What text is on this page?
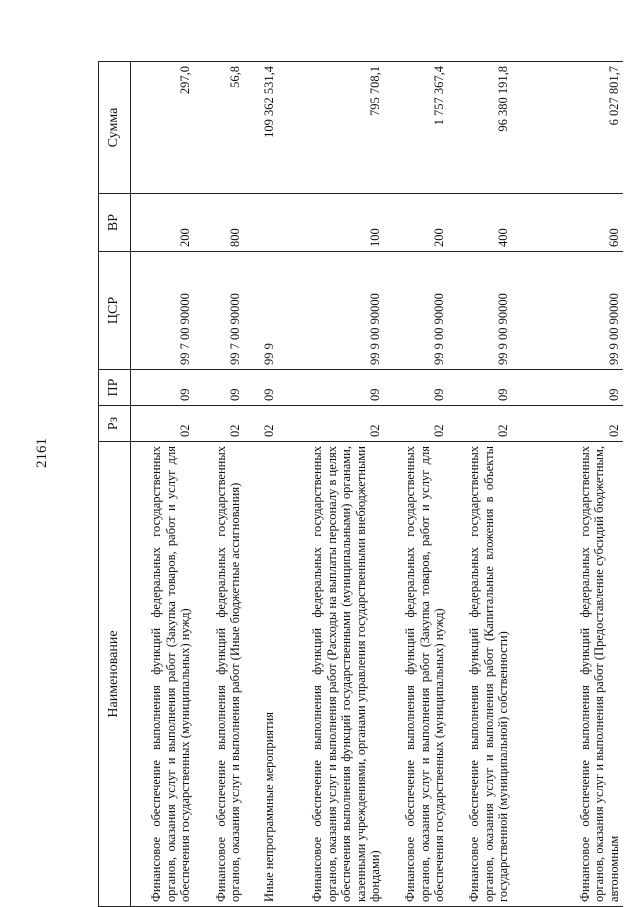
2161
Наименование	Рз	ПР	ЦСР	ВР	Сумма
Финансовое обеспечение выполнения функций федеральных государственных органов, оказания услуг и выполнения работ (Закупка товаров, работ и услуг для обеспечения государственных (муниципальных) нужд)	02	09	99 7 00 90000	200	297,0
Финансовое обеспечение выполнения функций федеральных государственных органов, оказания услуг и выполнения работ (Иные бюджетные ассигнования)	02	09	99 7 00 90000	800	56,8
Иные непрограммные мероприятия	02	09	99 9		109 362 531,4
Финансовое обеспечение выполнения функций федеральных государственных органов, оказания услуг и выполнения работ (Расходы на выплаты персоналу в целях обеспечения выполнения функций государственными (муниципальными) органами, казенными учреждениями, органами управления государственными внебюджетными фондами)	02	09	99 9 00 90000	100	795 708,1
Финансовое обеспечение выполнения функций федеральных государственных органов, оказания услуг и выполнения работ (Закупка товаров, работ и услуг для обеспечения государственных (муниципальных) нужд)	02	09	99 9 00 90000	200	1 757 367,4
Финансовое обеспечение выполнения функций федеральных государственных органов, оказания услуг и выполнения работ (Капитальные вложения в объекты государственной (муниципальной) собственности)	02	09	99 9 00 90000	400	96 380 191,8
Финансовое обеспечение выполнения функций федеральных государственных органов, оказания услуг и выполнения работ (Предоставление субсидий бюджетным, автономным	02	09	99 9 00 90000	600	6 027 801,7
